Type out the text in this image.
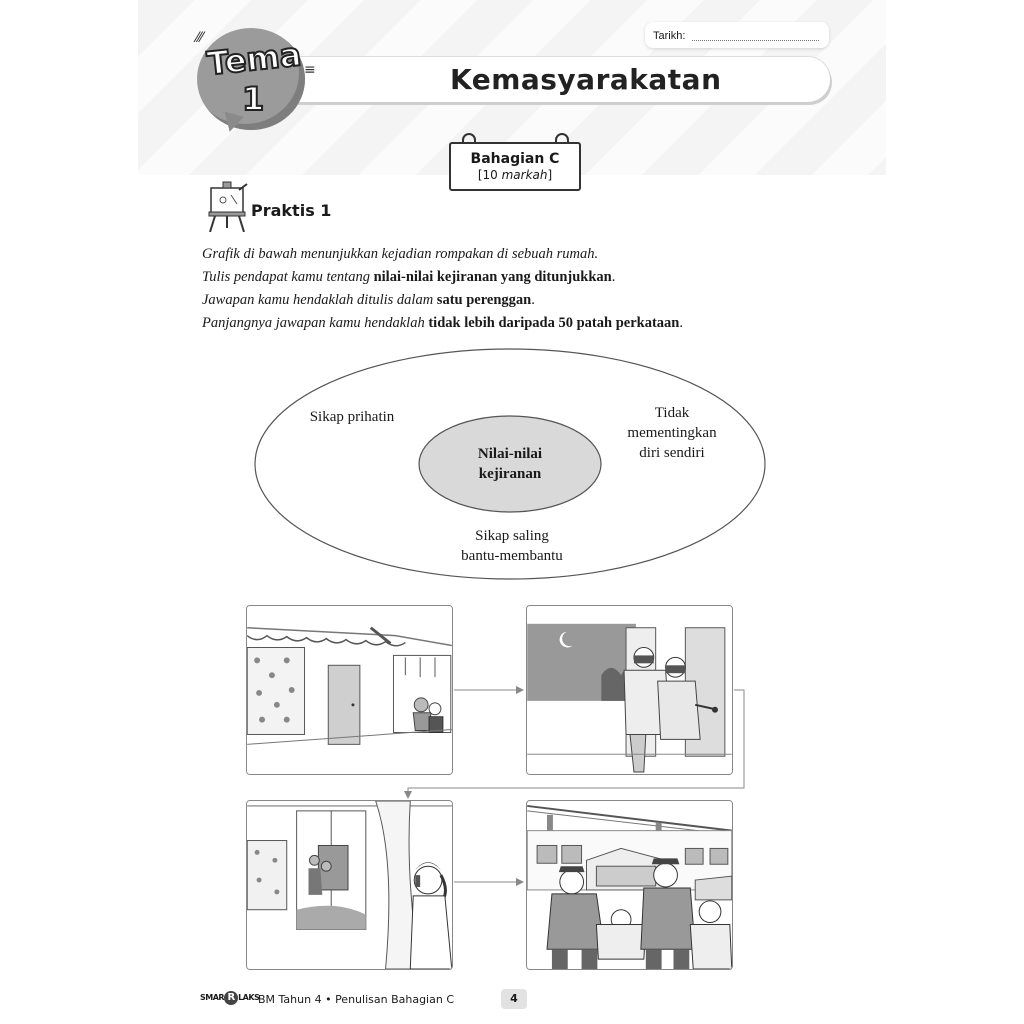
Tarikh:
Kemasyarakatan
Tema
1
⁄⁄⁄
≡
Bahagian C
[10 markah]
Praktis 1

Grafik di bawah menunjukkan kejadian rompakan di sebuah rumah.

Tulis pendapat kamu tentang nilai-nilai kejiranan yang ditunjukkan.

Jawapan kamu hendaklah ditulis dalam satu perenggan.

Panjangnya jawapan kamu hendaklah tidak lebih daripada 50 patah perkataan.

Nilai-nilai
kejiranan
Sikap prihatin	Tidak
mementingkan
diri sendiri
Sikap saling
bantu-membantu
SMAR R LAKS
BM Tahun 4 • Penulisan Bahagian C	4
